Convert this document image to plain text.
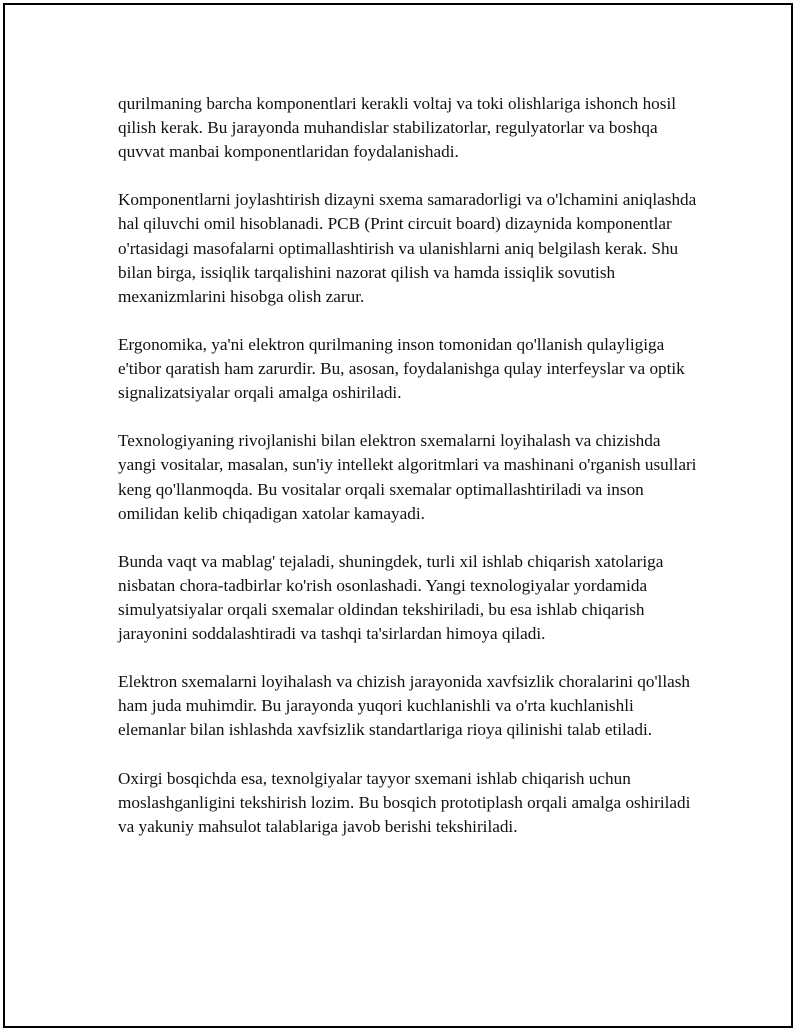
qurilmaning barcha komponentlari kerakli voltaj va toki olishlariga ishonch hosil qilish kerak. Bu jarayonda muhandislar stabilizatorlar, regulyatorlar va boshqa quvvat manbai komponentlaridan foydalanishadi.

Komponentlarni joylashtirish dizayni sxema samaradorligi va o'lchamini aniqlashda hal qiluvchi omil hisoblanadi. PCB (Print circuit board) dizaynida komponentlar o'rtasidagi masofalarni optimallashtirish va ulanishlarni aniq belgilash kerak. Shu bilan birga, issiqlik tarqalishini nazorat qilish va hamda issiqlik sovutish mexanizmlarini hisobga olish zarur.

Ergonomika, ya'ni elektron qurilmaning inson tomonidan qo'llanish qulayligiga e'tibor qaratish ham zarurdir. Bu, asosan, foydalanishga qulay interfeyslar va optik signalizatsiyalar orqali amalga oshiriladi.

Texnologiyaning rivojlanishi bilan elektron sxemalarni loyihalash va chizishda yangi vositalar, masalan, sun'iy intellekt algoritmlari va mashinani o'rganish usullari keng qo'llanmoqda. Bu vositalar orqali sxemalar optimallashtiriladi va inson omilidan kelib chiqadigan xatolar kamayadi.

Bunda vaqt va mablag' tejaladi, shuningdek, turli xil ishlab chiqarish xatolariga nisbatan chora-tadbirlar ko'rish osonlashadi. Yangi texnologiyalar yordamida simulyatsiyalar orqali sxemalar oldindan tekshiriladi, bu esa ishlab chiqarish jarayonini soddalashtiradi va tashqi ta'sirlardan himoya qiladi.

Elektron sxemalarni loyihalash va chizish jarayonida xavfsizlik choralarini qo'llash ham juda muhimdir. Bu jarayonda yuqori kuchlanishli va o'rta kuchlanishli elemanlar bilan ishlashda xavfsizlik standartlariga rioya qilinishi talab etiladi.

Oxirgi bosqichda esa, texnolgiyalar tayyor sxemani ishlab chiqarish uchun moslashganligini tekshirish lozim. Bu bosqich prototiplash orqali amalga oshiriladi va yakuniy mahsulot talablariga javob berishi tekshiriladi.
